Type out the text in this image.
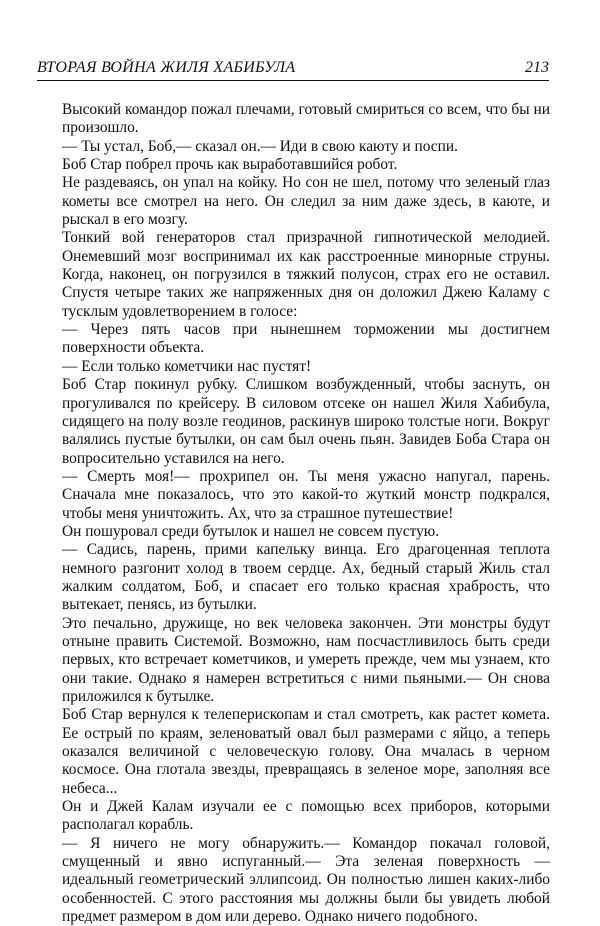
ВТОРАЯ ВОЙНА ЖИЛЯ ХАБИБУЛА	213

Высокий командор пожал плечами, готовый смириться со всем, что бы ни произошло.

— Ты устал, Боб,— сказал он.— Иди в свою каюту и поспи.

Боб Стар побрел прочь как выработавшийся робот.

Не раздеваясь, он упал на койку. Но сон не шел, потому что зеленый глаз кометы все смотрел на него. Он следил за ним даже здесь, в каюте, и рыскал в его мозгу.

Тонкий вой генераторов стал призрачной гипнотической мелодией. Онемевший мозг воспринимал их как расстроенные минорные струны. Когда, наконец, он погрузился в тяжкий полусон, страх его не оставил. Спустя четыре таких же напряженных дня он доложил Джею Каламу с тусклым удовлетворением в голосе:

— Через пять часов при нынешнем торможении мы достигнем поверхности объекта.

— Если только кометчики нас пустят!

Боб Стар покинул рубку. Слишком возбужденный, чтобы заснуть, он прогуливался по крейсеру. В силовом отсеке он нашел Жиля Хабибула, сидящего на полу возле геодинов, раскинув широко толстые ноги. Вокруг валялись пустые бутылки, он сам был очень пьян. Завидев Боба Стара он вопросительно уставился на него.

— Смерть моя!— прохрипел он. Ты меня ужасно напугал, парень. Сначала мне показалось, что это какой-то жуткий монстр подкрался, чтобы меня уничтожить. Ах, что за страшное путешествие!

Он пошуровал среди бутылок и нашел не совсем пустую.

— Садись, парень, прими капельку винца. Его драгоценная теплота немного разгонит холод в твоем сердце. Ах, бедный старый Жиль стал жалким солдатом, Боб, и спасает его только красная храбрость, что вытекает, пенясь, из бутылки.

Это печально, дружище, но век человека закончен. Эти монстры будут отныне править Системой. Возможно, нам посчастливилось быть среди первых, кто встречает кометчиков, и умереть прежде, чем мы узнаем, кто они такие. Однако я намерен встретиться с ними пьяными.— Он снова приложился к бутылке.

Боб Стар вернулся к телеперископам и стал смотреть, как растет комета. Ее острый по краям, зеленоватый овал был размерами с яйцо, а теперь оказался величиной с человеческую голову. Она мчалась в черном космосе. Она глотала звезды, превращаясь в зеленое море, заполняя все небеса...

Он и Джей Калам изучали ее с помощью всех приборов, которыми располагал корабль.

— Я ничего не могу обнаружить.— Командор покачал головой, смущенный и явно испуганный.— Эта зеленая поверхность — идеальный геометрический эллипсоид. Он полностью лишен каких-либо особенностей. С этого расстояния мы должны были бы увидеть любой предмет размером в дом или дерево. Однако ничего подобного.
